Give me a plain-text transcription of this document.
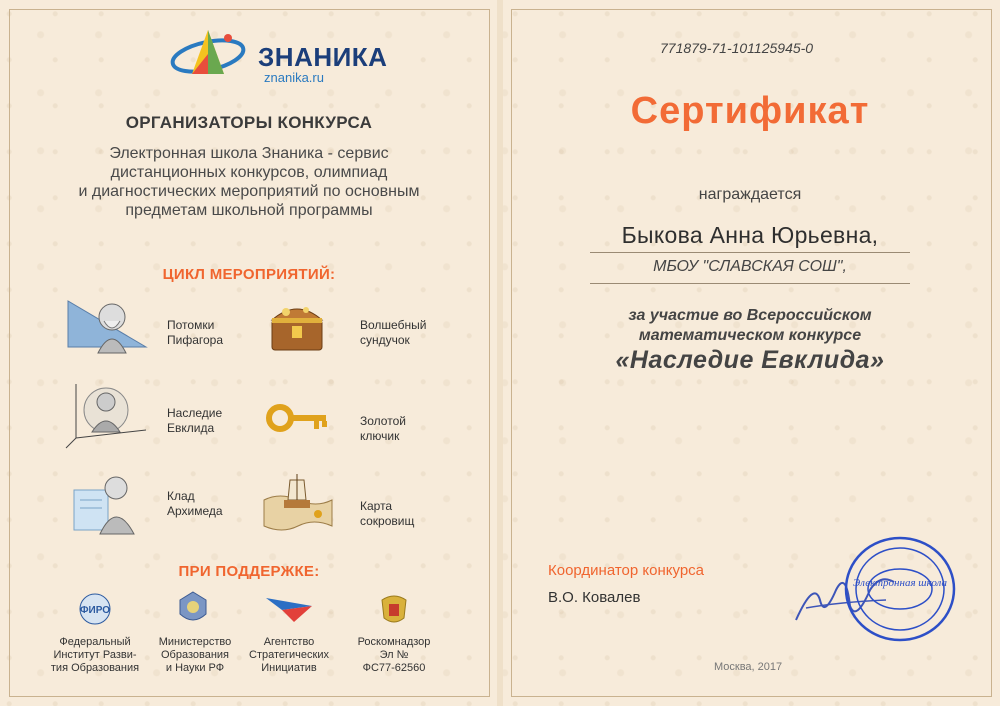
ЗНАНИКА
znanika.ru
ОРГАНИЗАТОРЫ КОНКУРСА
Электронная школа Знаника - сервис
дистанционных конкурсов, олимпиад
и диагностических мероприятий по основным
предметам школьной программы
ЦИКЛ МЕРОПРИЯТИЙ:
Потомки
Пифагора
Волшебный
сундучок
Наследие
Евклида	Золотой
ключик
Клад
Архимеда	Карта
сокровищ
ПРИ ПОДДЕРЖКЕ:
ФИРО
Федеральный
Институт Разви-
тия Образования
Министерство
Образования
и Науки РФ
Агентство
Стратегических
Инициатив
Роскомнадзор
Эл №
ФС77-62560
771879-71-101125945-0
Сертификат
награждается
Быкова Анна Юрьевна,
МБОУ "СЛАВСКАЯ СОШ",
за участие во Всероссийском
математическом конкурсе
«Наследие Евклида»
Координатор конкурса
В.О. Ковалев
Электронная школа
Москва, 2017
